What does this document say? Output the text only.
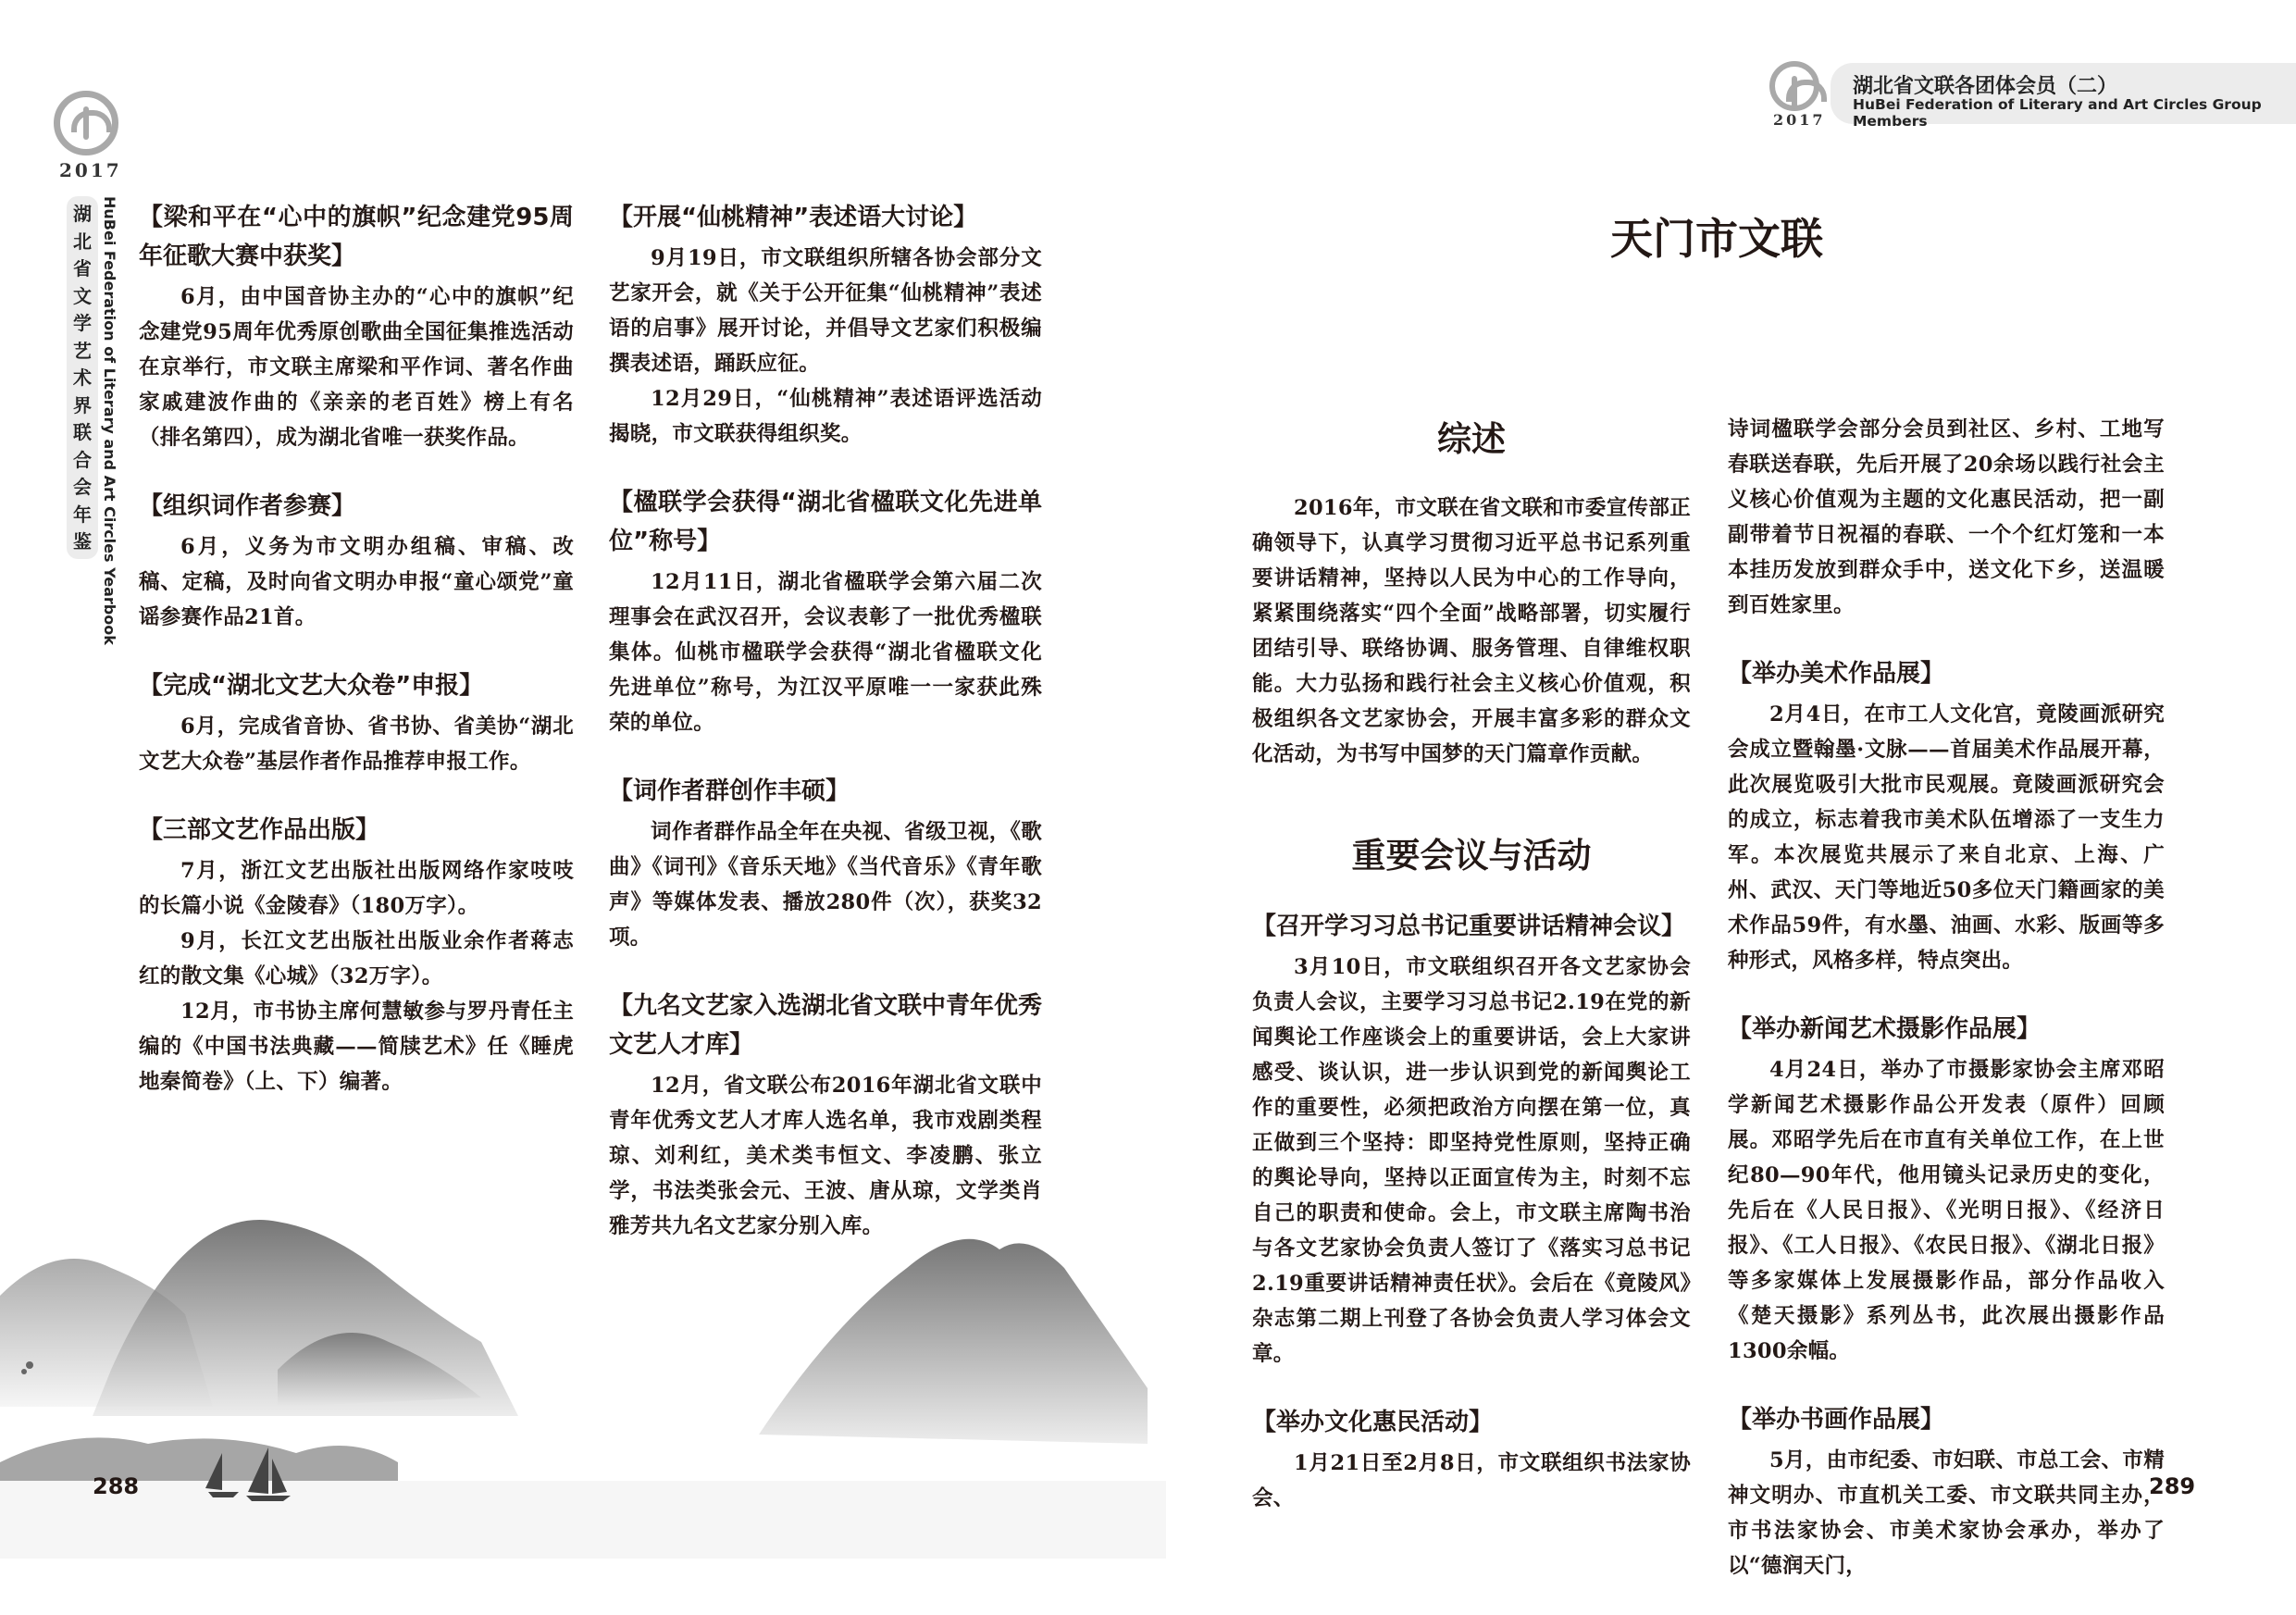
2017
湖
北
省
文
学
艺
术
界
联
合
会
年
鉴 HuBei Federation of Literary and Art Circles Yearbook 【梁和平在“心中的旗帜”纪念建党95周年征歌大赛中获奖】

6月，由中国音协主办的“心中的旗帜”纪念建党95周年优秀原创歌曲全国征集推选活动在京举行，市文联主席梁和平作词、著名作曲家戚建波作曲的《亲亲的老百姓》榜上有名（排名第四），成为湖北省唯一获奖作品。

【组织词作者参赛】

6月，义务为市文明办组稿、审稿、改稿、定稿，及时向省文明办申报“童心颂党”童谣参赛作品21首。

【完成“湖北文艺大众卷”申报】

6月，完成省音协、省书协、省美协“湖北文艺大众卷”基层作者作品推荐申报工作。

【三部文艺作品出版】

7月，浙江文艺出版社出版网络作家吱吱的长篇小说《金陵春》（180万字）。

9月，长江文艺出版社出版业余作者蒋志红的散文集《心城》（32万字）。

12月，市书协主席何慧敏参与罗丹青任主编的《中国书法典藏——简牍艺术》任《睡虎地秦简卷》（上、下）编著。

【开展“仙桃精神”表述语大讨论】

9月19日，市文联组织所辖各协会部分文艺家开会，就《关于公开征集“仙桃精神”表述语的启事》展开讨论，并倡导文艺家们积极编撰表述语，踊跃应征。

12月29日，“仙桃精神”表述语评选活动揭晓，市文联获得组织奖。

【楹联学会获得“湖北省楹联文化先进单位”称号】

12月11日，湖北省楹联学会第六届二次理事会在武汉召开，会议表彰了一批优秀楹联集体。仙桃市楹联学会获得“湖北省楹联文化先进单位”称号，为江汉平原唯一一家获此殊荣的单位。

【词作者群创作丰硕】

词作者群作品全年在央视、省级卫视，《歌曲》《词刊》《音乐天地》《当代音乐》《青年歌声》等媒体发表、播放280件（次），获奖32项。

【九名文艺家入选湖北省文联中青年优秀文艺人才库】

12月，省文联公布2016年湖北省文联中青年优秀文艺人才库人选名单，我市戏剧类程琼、刘利红，美术类韦恒文、李凌鹏、张立学，书法类张会元、王波、唐从琼，文学类肖雅芳共九名文艺家分别入库。

288
2017
湖北省文联各团体会员（二）
HuBei Federation of Literary and Art Circles Group Members
天门市文联
综述

2016年，市文联在省文联和市委宣传部正确领导下，认真学习贯彻习近平总书记系列重要讲话精神，坚持以人民为中心的工作导向，紧紧围绕落实“四个全面”战略部署，切实履行团结引导、联络协调、服务管理、自律维权职能。大力弘扬和践行社会主义核心价值观，积极组织各文艺家协会，开展丰富多彩的群众文化活动，为书写中国梦的天门篇章作贡献。

重要会议与活动
【召开学习习总书记重要讲话精神会议】

3月10日，市文联组织召开各文艺家协会负责人会议，主要学习习总书记2.19在党的新闻舆论工作座谈会上的重要讲话，会上大家讲感受、谈认识，进一步认识到党的新闻舆论工作的重要性，必须把政治方向摆在第一位，真正做到三个坚持：即坚持党性原则，坚持正确的舆论导向，坚持以正面宣传为主，时刻不忘自己的职责和使命。会上，市文联主席陶书治与各文艺家协会负责人签订了《落实习总书记2.19重要讲话精神责任状》。会后在《竟陵风》杂志第二期上刊登了各协会负责人学习体会文章。

【举办文化惠民活动】

1月21日至2月8日，市文联组织书法家协会、

诗词楹联学会部分会员到社区、乡村、工地写春联送春联，先后开展了20余场以践行社会主义核心价值观为主题的文化惠民活动，把一副副带着节日祝福的春联、一个个红灯笼和一本本挂历发放到群众手中，送文化下乡，送温暖到百姓家里。

【举办美术作品展】

2月4日，在市工人文化宫，竟陵画派研究会成立暨翰墨·文脉——首届美术作品展开幕，此次展览吸引大批市民观展。竟陵画派研究会的成立，标志着我市美术队伍增添了一支生力军。本次展览共展示了来自北京、上海、广州、武汉、天门等地近50多位天门籍画家的美术作品59件，有水墨、油画、水彩、版画等多种形式，风格多样，特点突出。

【举办新闻艺术摄影作品展】

4月24日，举办了市摄影家协会主席邓昭学新闻艺术摄影作品公开发表（原件）回顾展。邓昭学先后在市直有关单位工作，在上世纪80—90年代，他用镜头记录历史的变化，先后在《人民日报》、《光明日报》、《经济日报》、《工人日报》、《农民日报》、《湖北日报》等多家媒体上发展摄影作品，部分作品收入《楚天摄影》系列丛书，此次展出摄影作品1300余幅。

【举办书画作品展】

5月，由市纪委、市妇联、市总工会、市精神文明办、市直机关工委、市文联共同主办，市书法家协会、市美术家协会承办，举办了以“德润天门，

289
